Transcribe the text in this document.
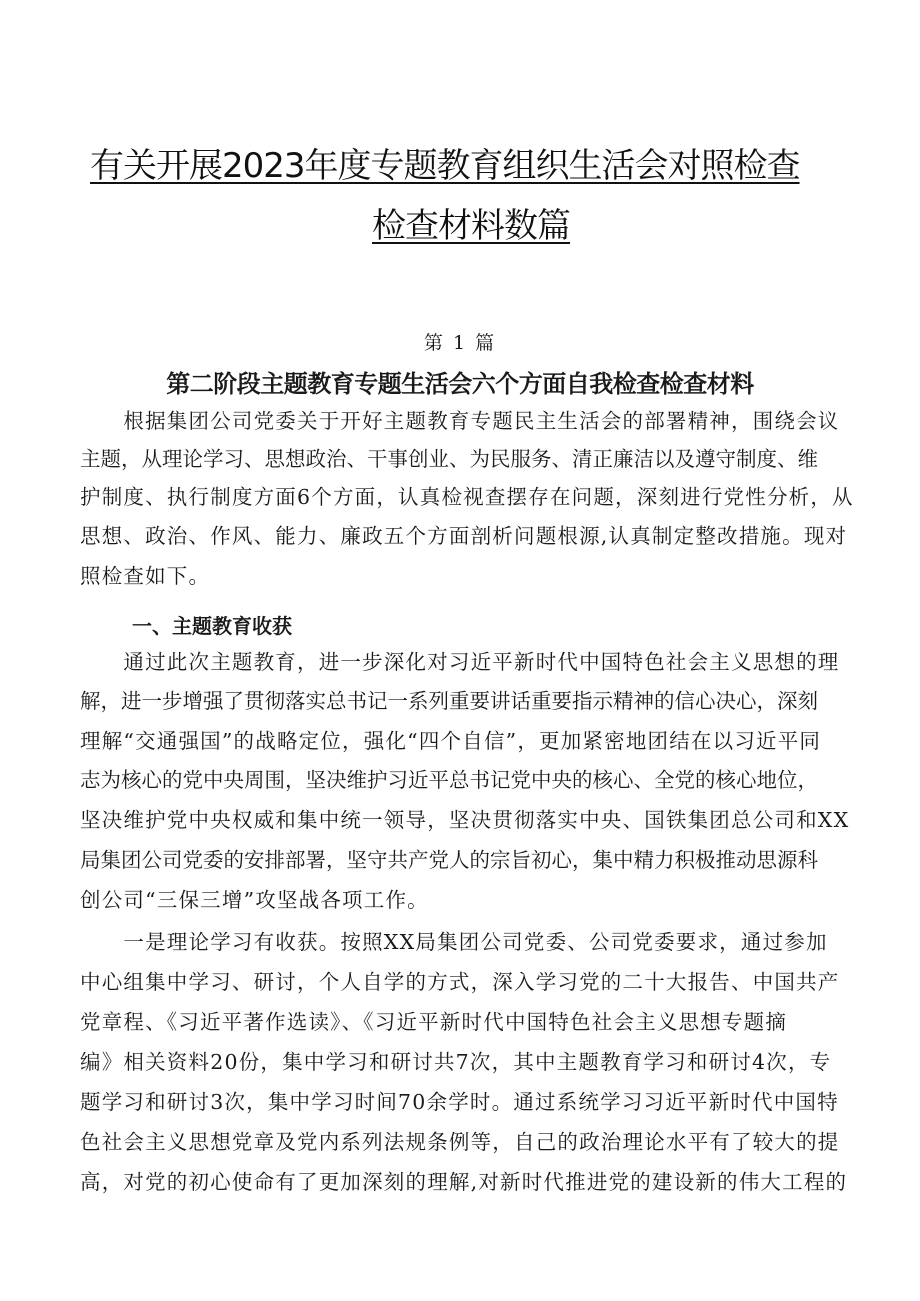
有关开展2023年度专题教育组织生活会对照检查
检查材料数篇
第 1 篇
第二阶段主题教育专题生活会六个方面自我检查检查材料
　　根据集团公司党委关于开好主题教育专题民主生活会的部署精神，围绕会议
主题，从理论学习、思想政治、干事创业、为民服务、清正廉洁以及遵守制度、维
护制度、执行制度方面6个方面，认真检视查摆存在问题，深刻进行党性分析，从
思想、政治、作风、能力、廉政五个方面剖析问题根源,认真制定整改措施。现对
照检查如下。
一、主题教育收获
　　通过此次主题教育，进一步深化对习近平新时代中国特色社会主义思想的理
解，进一步增强了贯彻落实总书记一系列重要讲话重要指示精神的信心决心，深刻
理解“交通强国”的战略定位，强化“四个自信”，更加紧密地团结在以习近平同
志为核心的党中央周围，坚决维护习近平总书记党中央的核心、全党的核心地位，
坚决维护党中央权威和集中统一领导，坚决贯彻落实中央、国铁集团总公司和XX
局集团公司党委的安排部署，坚守共产党人的宗旨初心，集中精力积极推动思源科
创公司“三保三增”攻坚战各项工作。
　　一是理论学习有收获。按照XX局集团公司党委、公司党委要求，通过参加
中心组集中学习、研讨，个人自学的方式，深入学习党的二十大报告、中国共产
党章程、《习近平著作选读》、《习近平新时代中国特色社会主义思想专题摘
编》相关资料20份，集中学习和研讨共7次，其中主题教育学习和研讨4次，专
题学习和研讨3次，集中学习时间70余学时。通过系统学习习近平新时代中国特
色社会主义思想党章及党内系列法规条例等，自己的政治理论水平有了较大的提
高，对党的初心使命有了更加深刻的理解,对新时代推进党的建设新的伟大工程的
